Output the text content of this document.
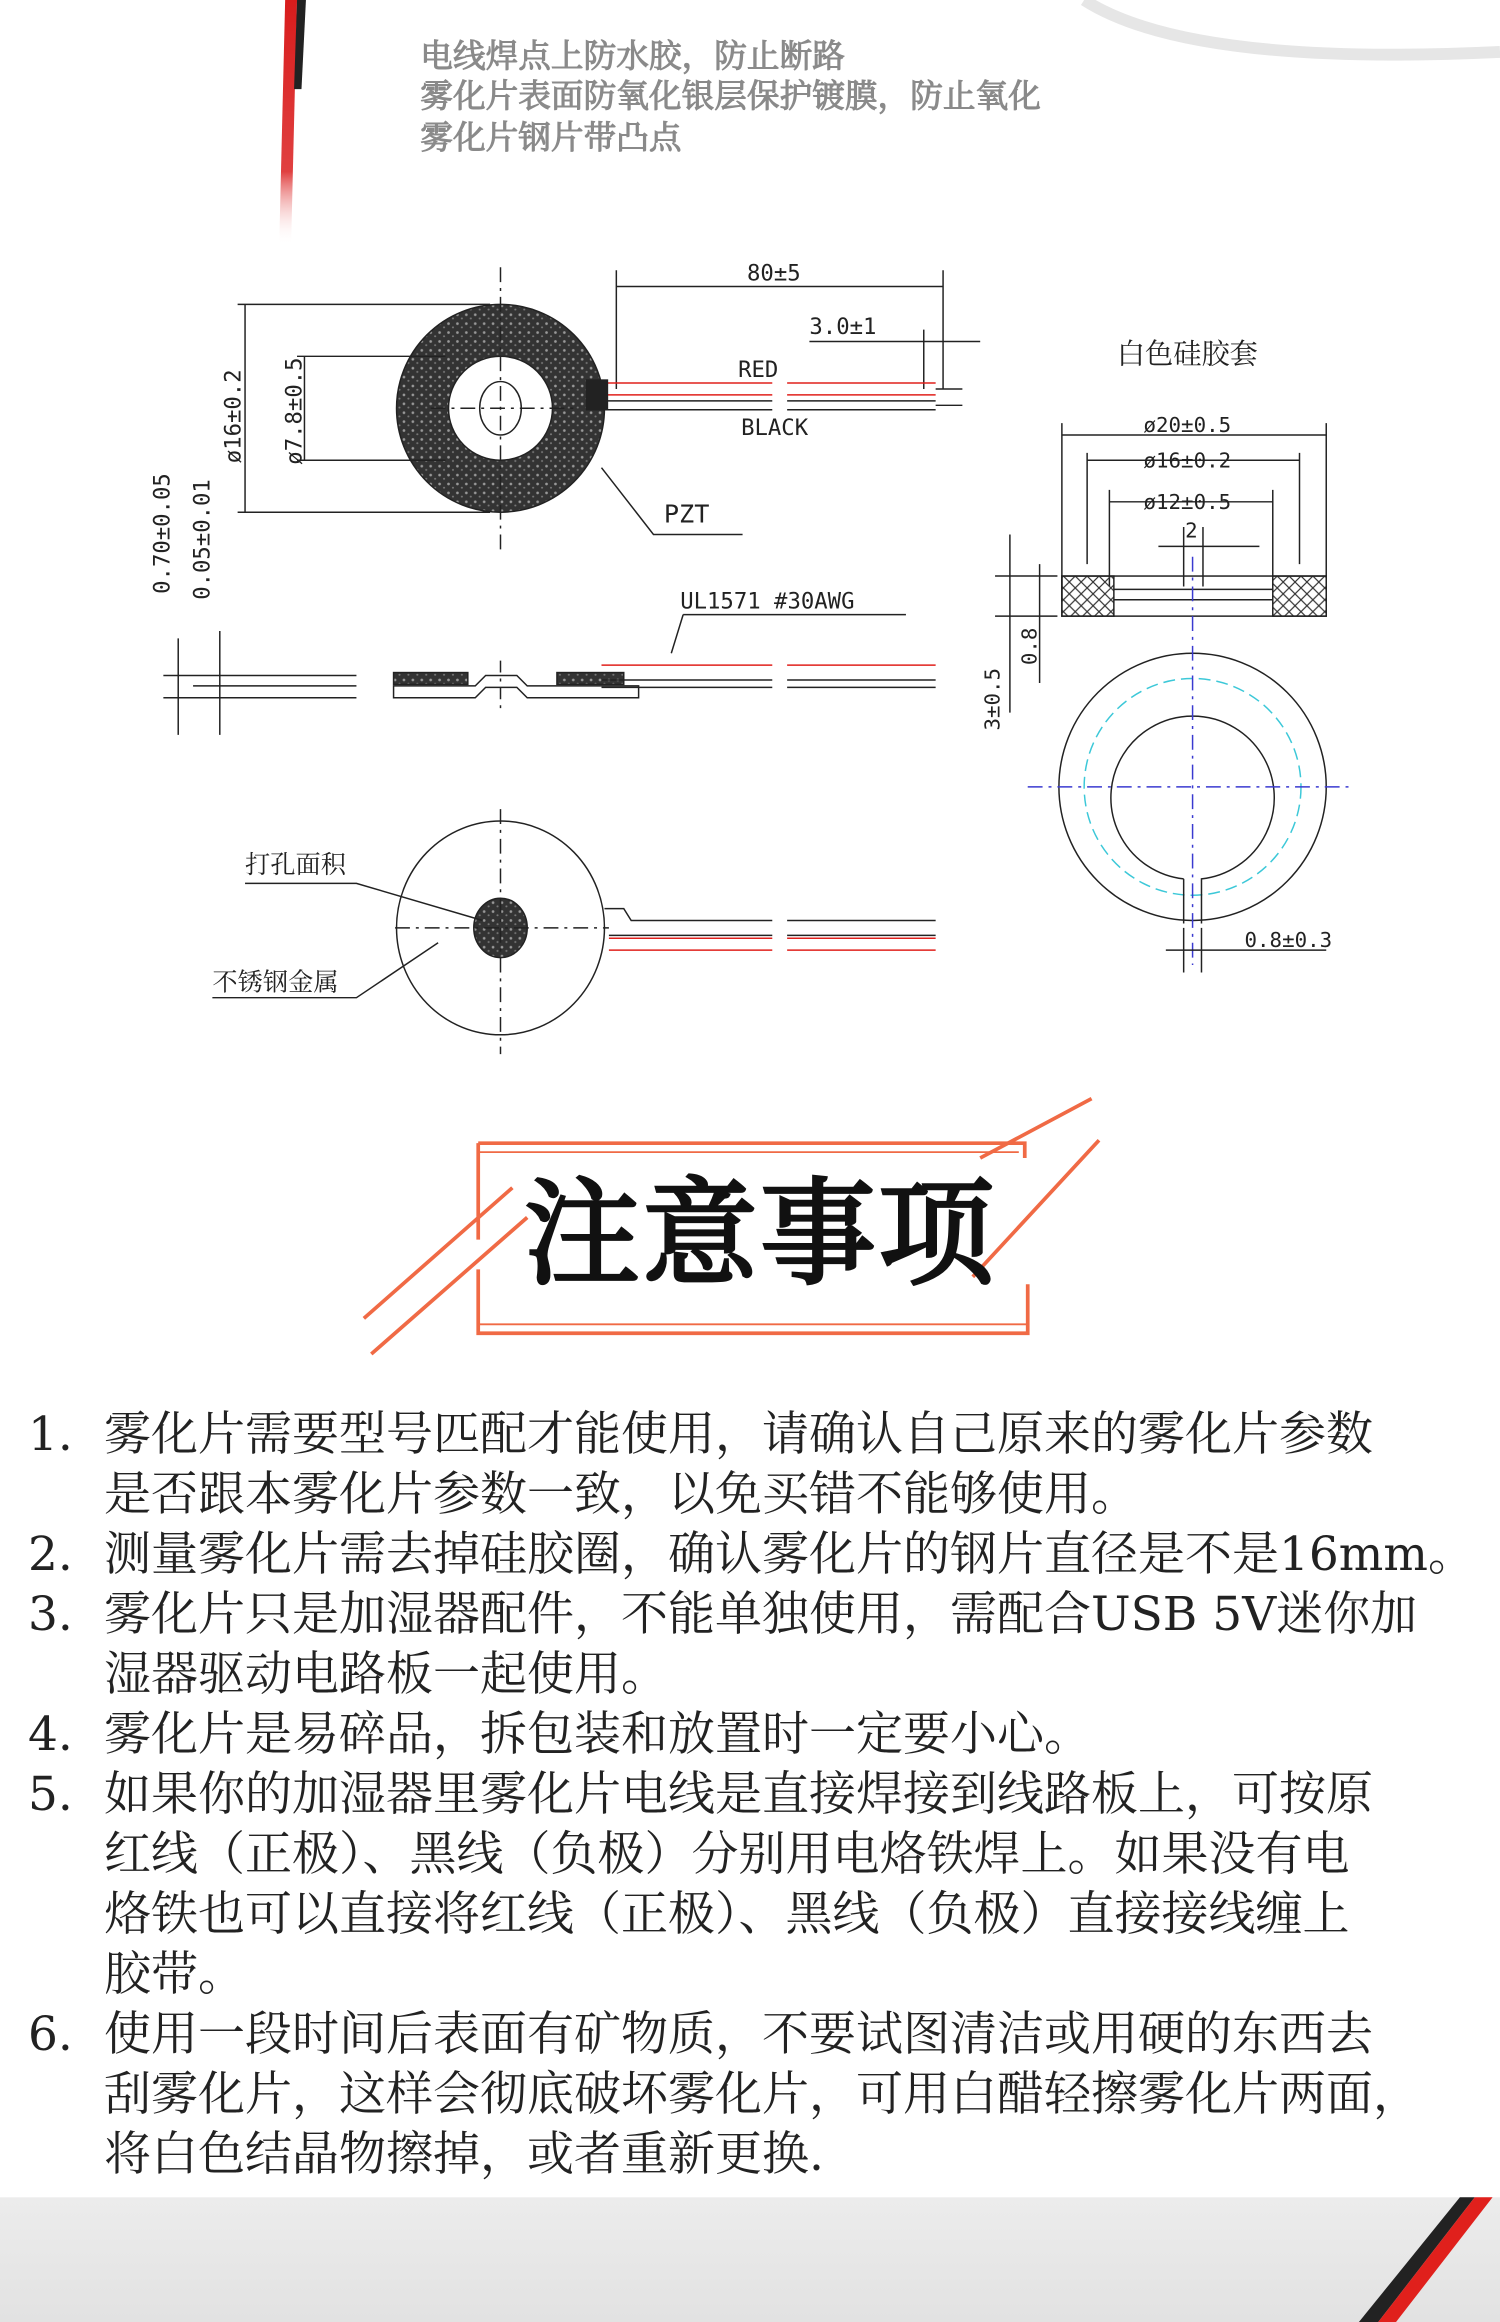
电线焊点上防水胶，防止断路
雾化片表面防氧化银层保护镀膜，防止氧化
雾化片钢片带凸点
80±5
3.0±1
RED
BLACK
PZT
UL1571 #30AWG
ø16±0.2 ø7.8±0.5
0.70±0.05 0.05±0.01
白色硅胶套
ø20±0.5
ø16±0.2
ø12±0.5
2
3±0.5
0.8
0.8±0.3
打孔面积
不锈钢金属
注意事项
1. 雾化片需要型号匹配才能使用，请确认自己原来的雾化片参数
是否跟本雾化片参数一致，以免买错不能够使用。
2. 测量雾化片需去掉硅胶圈，确认雾化片的钢片直径是不是16mm。
3. 雾化片只是加湿器配件，不能单独使用，需配合USB 5V迷你加
湿器驱动电路板一起使用。
4. 雾化片是易碎品，拆包装和放置时一定要小心。
5. 如果你的加湿器里雾化片电线是直接焊接到线路板上，可按原
红线（正极）、黑线（负极）分别用电烙铁焊上。如果没有电
烙铁也可以直接将红线（正极）、黑线（负极）直接接线缠上
胶带。
6. 使用一段时间后表面有矿物质，不要试图清洁或用硬的东西去
刮雾化片，这样会彻底破坏雾化片，可用白醋轻擦雾化片两面，
将白色结晶物擦掉，或者重新更换.
